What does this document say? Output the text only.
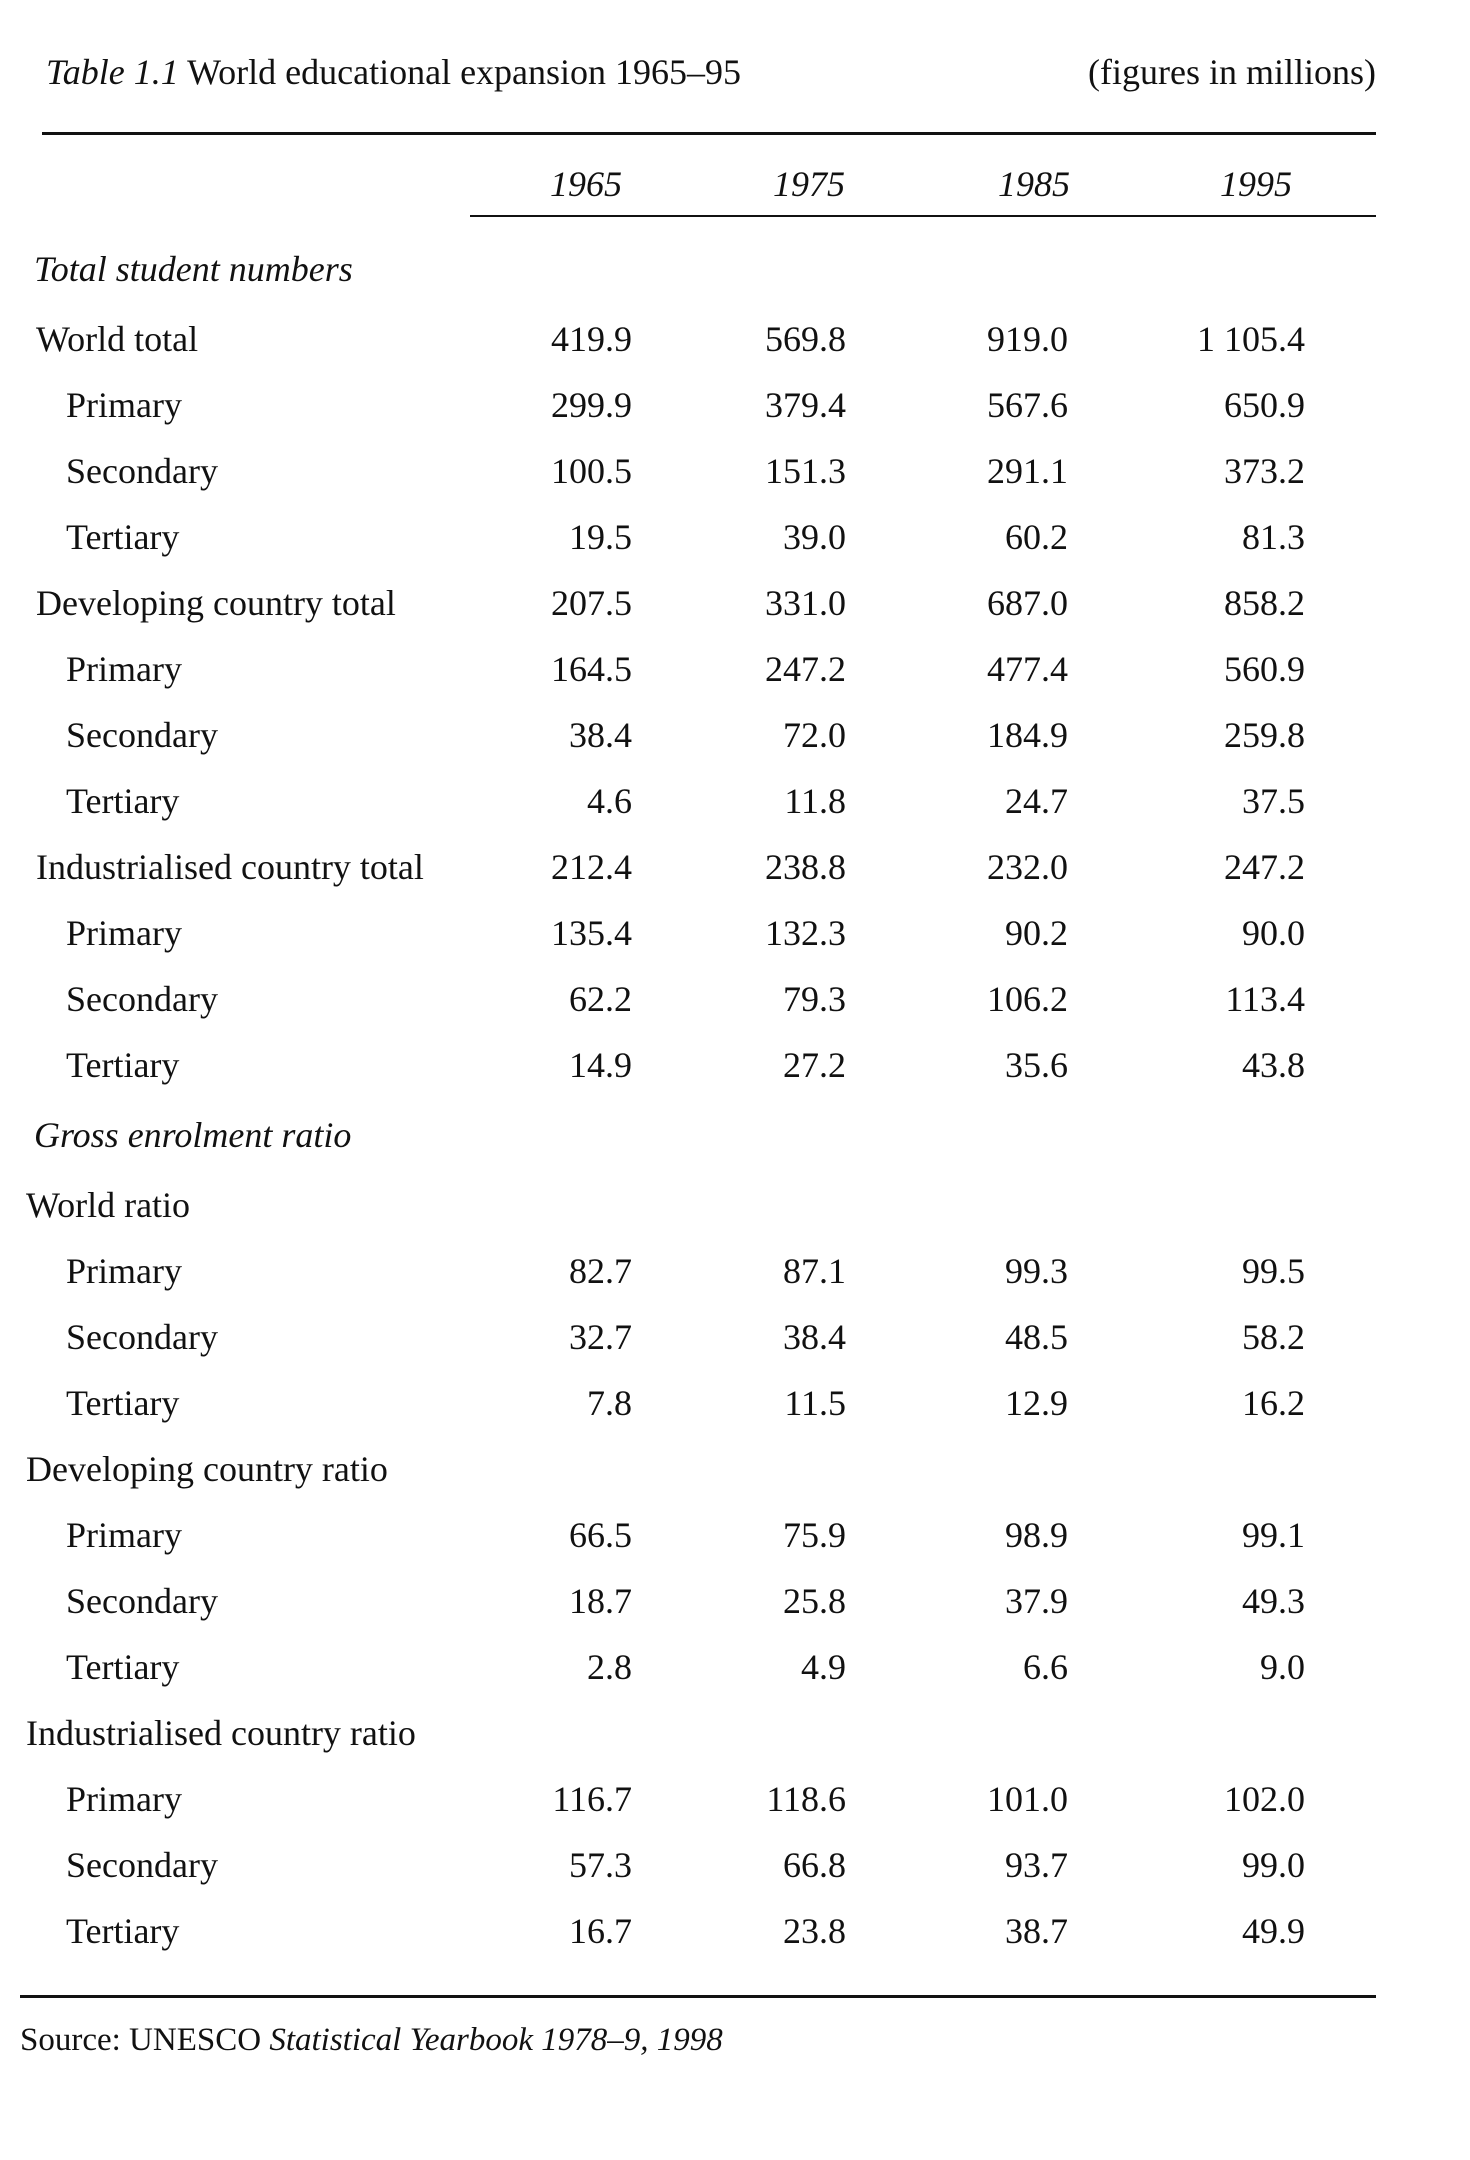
Table 1.1 World educational expansion 1965–95	(figures in millions)
1965	1975	1985	1995
Total student numbers
World total	419.9	569.8	919.0	1 105.4
Primary	299.9	379.4	567.6	650.9
Secondary	100.5	151.3	291.1	373.2
Tertiary	19.5	39.0	60.2	81.3
Developing country total	207.5	331.0	687.0	858.2
Primary	164.5	247.2	477.4	560.9
Secondary	38.4	72.0	184.9	259.8
Tertiary	4.6	11.8	24.7	37.5
Industrialised country total	212.4	238.8	232.0	247.2
Primary	135.4	132.3	90.2	90.0
Secondary	62.2	79.3	106.2	113.4
Tertiary	14.9	27.2	35.6	43.8
Gross enrolment ratio
World ratio
Primary	82.7	87.1	99.3	99.5
Secondary	32.7	38.4	48.5	58.2
Tertiary	7.8	11.5	12.9	16.2
Developing country ratio
Primary	66.5	75.9	98.9	99.1
Secondary	18.7	25.8	37.9	49.3
Tertiary	2.8	4.9	6.6	9.0
Industrialised country ratio
Primary	116.7	118.6	101.0	102.0
Secondary	57.3	66.8	93.7	99.0
Tertiary	16.7	23.8	38.7	49.9
Source: UNESCO Statistical Yearbook 1978–9, 1998
